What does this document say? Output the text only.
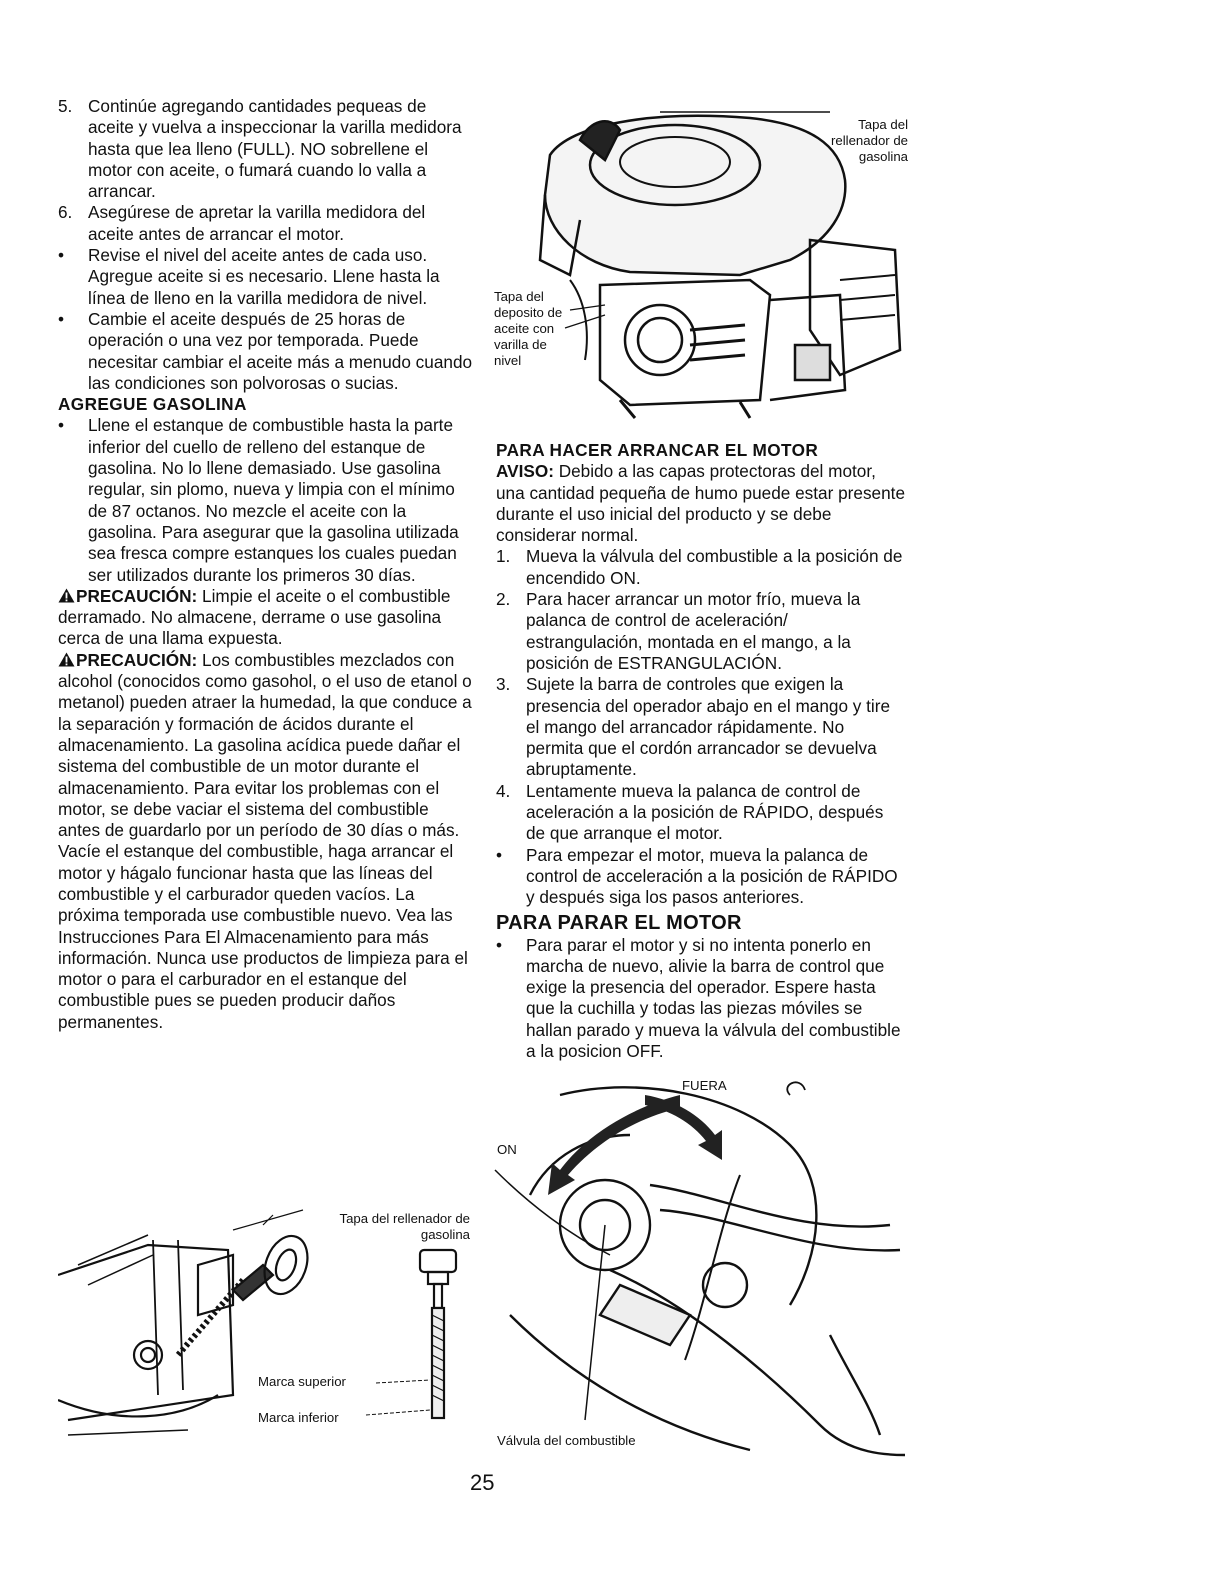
5. Continúe agregando cantidades pequeas de aceite y vuelva a inspeccionar la varilla medidora hasta que lea lleno (FULL). NO sobrellene el motor con aceite, o fumará cuando lo valla a arrancar.
6. Asegúrese de apretar la varilla medidora del aceite antes de arrancar el motor.
•	Revise el nivel del aceite antes de cada uso. Agregue aceite si es necesario. Llene hasta la línea de lleno en la varilla medidora de nivel.
•	Cambie el aceite después de 25 horas de operación o una vez por temporada. Puede necesitar cambiar el aceite más a menudo cuando las condiciones son polvorosas o sucias.
AGREGUE GASOLINA
•	Llene el estanque de combustible hasta la parte inferior del cuello de relleno del estanque de gasolina. No lo llene demasiado. Use gasolina regular, sin plomo, nueva y limpia con el mínimo de 87 octanos. No mezcle el aceite con la gasolina. Para asegurar que la gasolina utilizada sea fresca compre estanques los cuales puedan ser utilizados durante los primeros 30 días.

PRECAUCIÓN: Limpie el aceite o el combustible derramado. No almacene, derrame o use gasolina cerca de una llama expuesta.

PRECAUCIÓN: Los combustibles mezclados con alcohol (conocidos como gasohol, o el uso de etanol o metanol) pueden atraer la humedad, la que conduce a la separación y formación de ácidos durante el almacenamiento. La gasolina acídica puede dañar el sistema del combustible de un motor durante el almacenamiento. Para evitar los problemas con el motor, se debe vaciar el sistema del combustible antes de guardarlo por un período de 30 días o más. Vacíe el estanque del combustible, haga arrancar el motor y hágalo funcionar hasta que las líneas del combustible y el carburador queden vacíos. La próxima temporada use combustible nuevo. Vea las Instrucciones Para El Almacenamiento para más información. Nunca use productos de limpieza para el motor o para el carburador en el estanque del combustible pues se pueden producir daños permanentes.

Tapa del rellenador de gasolina
Tapa del deposito de aceite con varilla de nivel
PARA HACER ARRANCAR EL MOTOR

AVISO: Debido a las capas protectoras del motor, una cantidad pequeña de humo puede estar presente durante el uso inicial del producto y se debe considerar normal.

1. Mueva la válvula del combustible a la posición de encendido ON.
2. Para hacer arrancar un motor frío, mueva la palanca de control de aceleración/ estrangulación, montada en el mango, a la posición de ESTRANGULACIÓN.
3. Sujete la barra de controles que exigen la presencia del operador abajo en el mango y tire el mango del arrancador rápidamente. No permita que el cordón arrancador se devuelva abruptamente.
4. Lentamente mueva la palanca de control de aceleración a la posición de RÁPIDO, después de que arranque el motor.
•	Para empezar el motor, mueva la palanca de control de acceleración a la posición de RÁPIDO y después siga los pasos anteriores.
PARA PARAR EL MOTOR
•	Para parar el motor y si no intenta ponerlo en marcha de nuevo, alivie la barra de control que exige la presencia del operador. Espere hasta que la cuchilla y todas las piezas móviles se hallan parado y mueva la válvula del combustible a la posicion OFF.
Tapa del rellenador de gasolina
Marca superior
Marca inferior
FUERA
ON
Válvula del combustible
25
